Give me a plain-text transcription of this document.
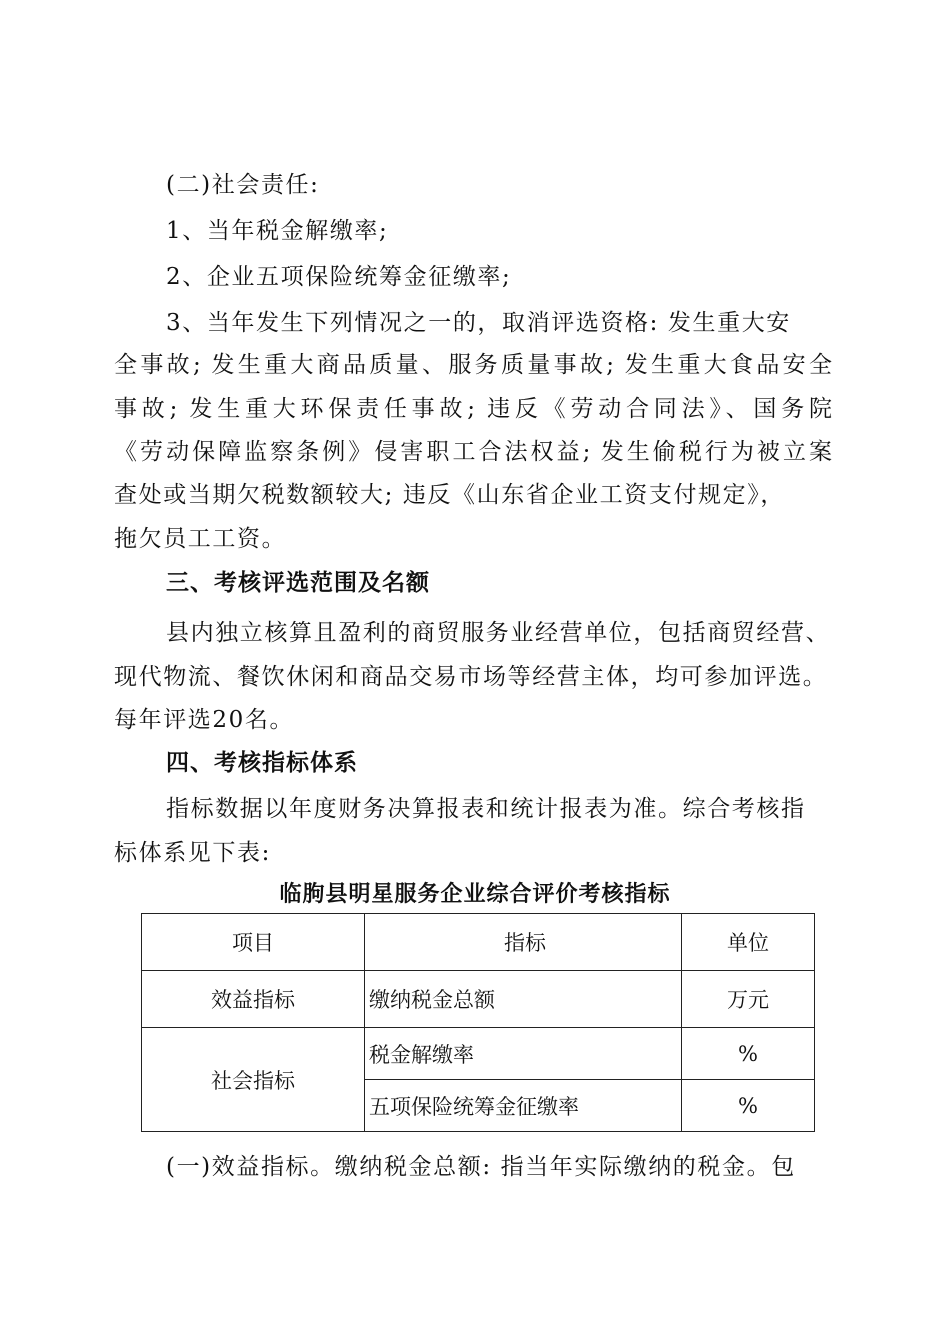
(二)社会责任:
1、当年税金解缴率;
2、企业五项保险统筹金征缴率;
3、当年发生下列情况之一的，取消评选资格: 发生重大安
全事故; 发生重大商品质量、服务质量事故; 发生重大食品安全
事故; 发生重大环保责任事故; 违反《劳动合同法》、国务院
《劳动保障监察条例》侵害职工合法权益; 发生偷税行为被立案
查处或当期欠税数额较大; 违反《山东省企业工资支付规定》，
拖欠员工工资。
三、考核评选范围及名额
县内独立核算且盈利的商贸服务业经营单位，包括商贸经营、
现代物流、餐饮休闲和商品交易市场等经营主体，均可参加评选。
每年评选20名。
四、考核指标体系
指标数据以年度财务决算报表和统计报表为准。综合考核指
标体系见下表:
临朐县明星服务企业综合评价考核指标
项目	指标	单位
效益指标	缴纳税金总额	万元
社会指标	税金解缴率	%
	五项保险统筹金征缴率	%
(一)效益指标。缴纳税金总额: 指当年实际缴纳的税金。包
